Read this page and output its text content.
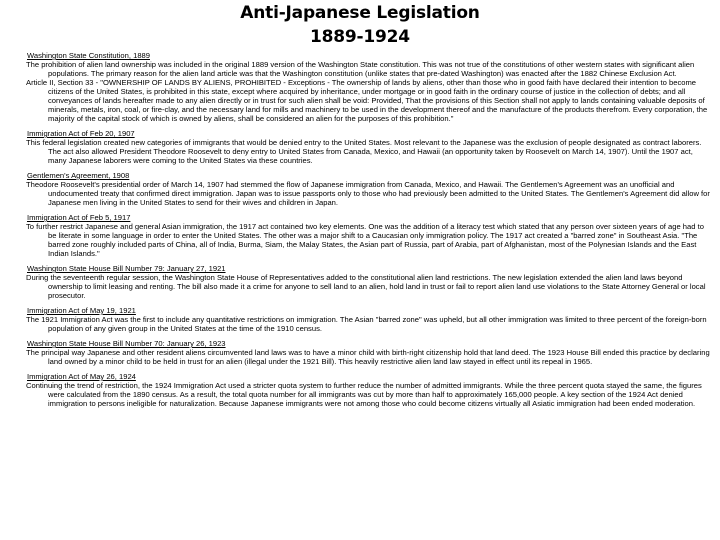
Anti-Japanese Legislation
1889-1924

Washington State Constitution, 1889

The prohibition of alien land ownership was included in the original 1889 version of the Washington State constitution. This was not true of the constitutions of other western states with significant alien populations. The primary reason for the alien land article was that the Washington constitution (unlike states that pre-dated Washington) was enacted after the 1882 Chinese Exclusion Act.

Article II, Section 33 - "OWNERSHIP OF LANDS BY ALIENS, PROHIBITED - Exceptions - The ownership of lands by aliens, other than those who in good faith have declared their intention to become citizens of the United States, is prohibited in this state, except where acquired by inheritance, under mortgage or in good faith in the ordinary course of justice in the collection of debts; and all conveyances of lands hereafter made to any alien directly or in trust for such alien shall be void: Provided, That the provisions of this Section shall not apply to lands containing valuable deposits of minerals, metals, iron, coal, or fire-clay, and the necessary land for mills and machinery to be used in the development thereof and the manufacture of the products therefrom. Every corporation, the majority of the capital stock of which is owned by aliens, shall be considered an alien for the purposes of this prohibition."

Immigration Act of Feb 20, 1907

This federal legislation created new categories of immigrants that would be denied entry to the United States. Most relevant to the Japanese was the exclusion of people designated as contract laborers. The act also allowed President Theodore Roosevelt to deny entry to United States from Canada, Mexico, and Hawaii (an opportunity taken by Roosevelt on March 14, 1907). Until the 1907 act, many Japanese laborers were coming to the United States via these countries.

Gentlemen's Agreement, 1908

Theodore Roosevelt's presidential order of March 14, 1907 had stemmed the flow of Japanese immigration from Canada, Mexico, and Hawaii. The Gentlemen's Agreement was an unofficial and undocumented treaty that confirmed direct immigration. Japan was to issue passports only to those who had previously been admitted to the United States. The Gentlemen's Agreement did allow for Japanese men living in the United States to send for their wives and children in Japan.

Immigration Act of Feb 5, 1917

To further restrict Japanese and general Asian immigration, the 1917 act contained two key elements. One was the addition of a literacy test which stated that any person over sixteen years of age had to be literate in some language in order to enter the United States. The other was a major shift to a Caucasian only immigration policy. The 1917 act created a "barred zone" in Southeast Asia. "The barred zone roughly included parts of China, all of India, Burma, Siam, the Malay States, the Asian part of Russia, part of Arabia, part of Afghanistan, most of the Polynesian Islands and the East Indian Islands."

Washington State House Bill Number 79: January 27, 1921

During the seventeenth regular session, the Washington State House of Representatives added to the constitutional alien land restrictions. The new legislation extended the alien land laws beyond ownership to limit leasing and renting. The bill also made it a crime for anyone to sell land to an alien, hold land in trust or fail to report alien land use violations to the State Attorney General or local prosecutor.

Immigration Act of May 19, 1921

The 1921 Immigration Act was the first to include any quantitative restrictions on immigration. The Asian "barred zone" was upheld, but all other immigration was limited to three percent of the foreign-born population of any given group in the United States at the time of the 1910 census.

Washington State House Bill Number 70: January 26, 1923

The principal way Japanese and other resident aliens circumvented land laws was to have a minor child with birth-right citizenship hold that land deed. The 1923 House Bill ended this practice by declaring land owned by a minor child to be held in trust for an alien (illegal under the 1921 Bill). This heavily restrictive alien land law stayed in effect until its repeal in 1965.

Immigration Act of May 26, 1924

Continuing the trend of restriction, the 1924 Immigration Act used a stricter quota system to further reduce the number of admitted immigrants. While the three percent quota stayed the same, the figures were calculated from the 1890 census. As a result, the total quota number for all immigrants was cut by more than half to approximately 165,000 people. A key section of the 1924 Act denied immigration to persons ineligible for naturalization. Because Japanese immigrants were not among those who could become citizens virtually all Asiatic immigration had been ended moderation.
